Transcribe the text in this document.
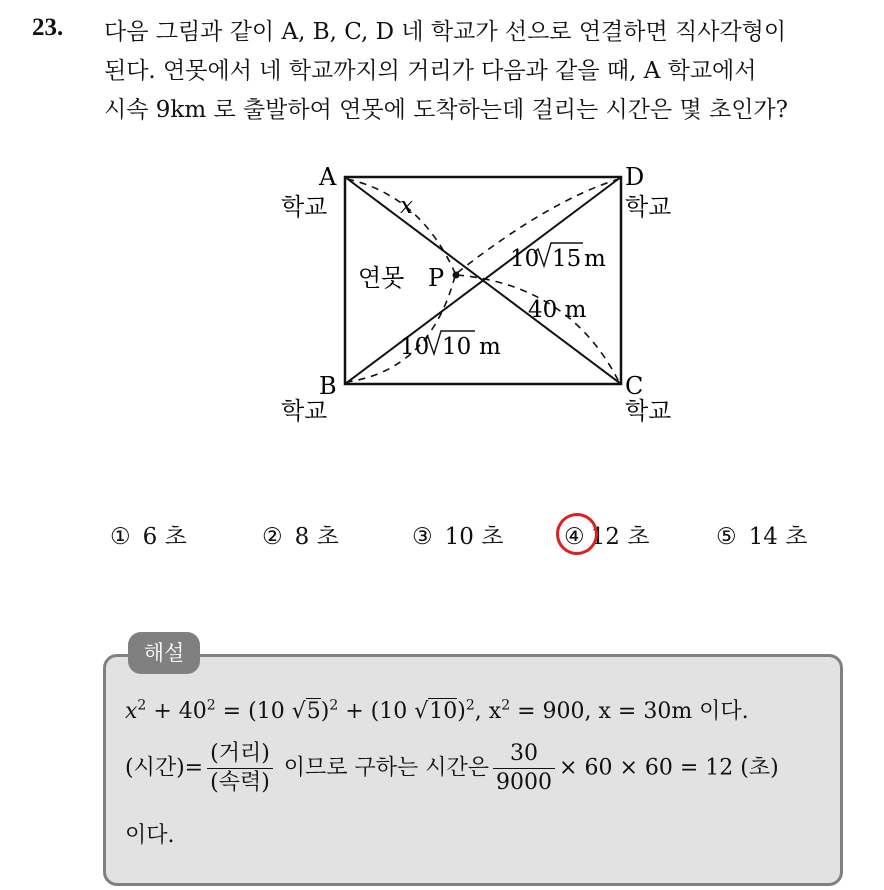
23. 다음 그림과 같이 A, B, C, D 네 학교가 선으로 연결하면 직사각형이
된다. 연못에서 네 학교까지의 거리가 다음과 같을 때, A 학교에서
시속 9km 로 출발하여 연못에 도착하는데 걸리는 시간은 몇 초인가?
A
학교
D
학교
B
학교
C
학교
연못 P
x
10 15 m
40 m
10 10 m
① 6 초	② 8 초	③ 10 초	④ 12 초	⑤ 14 초
해설
$x^2 + 40^2 = (10$ √5)$^2$ + (10 √10)$^2$, $x^2 = 900$, x = 30m 이다.
(시간)= $\frac{\text{(거리)}}{\text{(속력)}}$ 이므로 구하는 시간은 $\frac{30}{9000} \times 60 \times 60 = 12$ (초)
이다.
